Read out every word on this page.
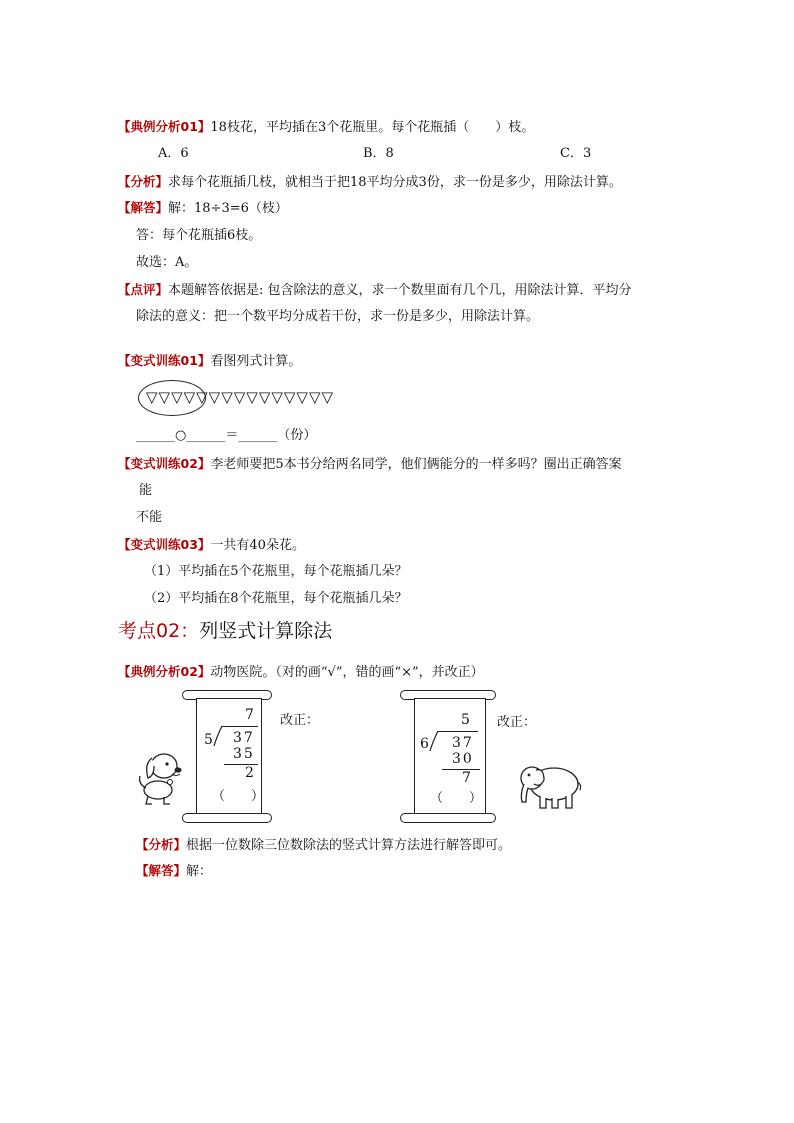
【典例分析01】18枝花，平均插在3个花瓶里。每个花瓶插（　　）枝。
A．6	B．8	C．3
【分析】求每个花瓶插几枝，就相当于把18平均分成3份，求一份是多少，用除法计算。
【解答】解：18÷3=6（枝）
答：每个花瓶插6枝。
故选：A。
【点评】本题解答依据是: 包含除法的意义，求一个数里面有几个几，用除法计算．平均分
除法的意义：把一个数平均分成若干份，求一份是多少，用除法计算。
【变式训练01】看图列式计算。
▽▽▽▽▽▽▽▽▽▽▽▽▽▽▽
______○______＝______（份）
【变式训练02】李老师要把5本书分给两名同学，他们俩能分的一样多吗？圈出正确答案
能
不能
【变式训练03】一共有40朵花。
（1）平均插在5个花瓶里，每个花瓶插几朵？
（2）平均插在8个花瓶里，每个花瓶插几朵？
考点02：列竖式计算除法
【典例分析02】动物医院。（对的画“√”，错的画“×”，并改正）
7
5 37
35
2
（　　）
改正：	5
6 37
30
7
（　　）
改正：
【分析】根据一位数除三位数除法的竖式计算方法进行解答即可。
【解答】解：
